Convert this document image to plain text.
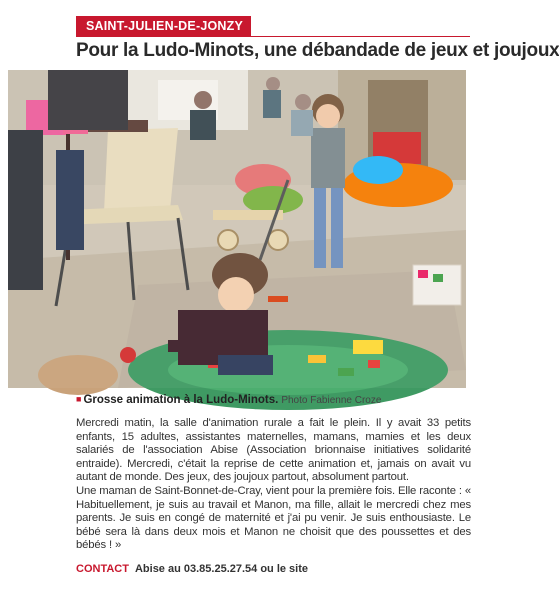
SAINT-JULIEN-DE-JONZY
Pour la Ludo-Minots, une débandade de jeux et joujoux
■ Grosse animation à la Ludo-Minots. Photo Fabienne Croze

Mercredi matin, la salle d'animation rurale a fait le plein. Il y avait 33 petits enfants, 15 adultes, assistantes maternelles, mamans, mamies et les deux salariés de l'association Abise (Association brionnaise initiatives solidarité entraide). Mercredi, c'était la reprise de cette animation et, jamais on avait vu autant de monde. Des jeux, des joujoux partout, absolument partout.

Une maman de Saint-Bonnet-de-Cray, vient pour la première fois. Elle raconte : « Habituellement, je suis au travail et Manon, ma fille, allait le mercredi chez mes parents. Je suis en congé de maternité et j'ai pu venir. Je suis enthousiaste. Le bébé sera là dans deux mois et Manon ne choisit que des poussettes et des bébés ! »

CONTACT Abise au 03.85.25.27.54 ou le site
